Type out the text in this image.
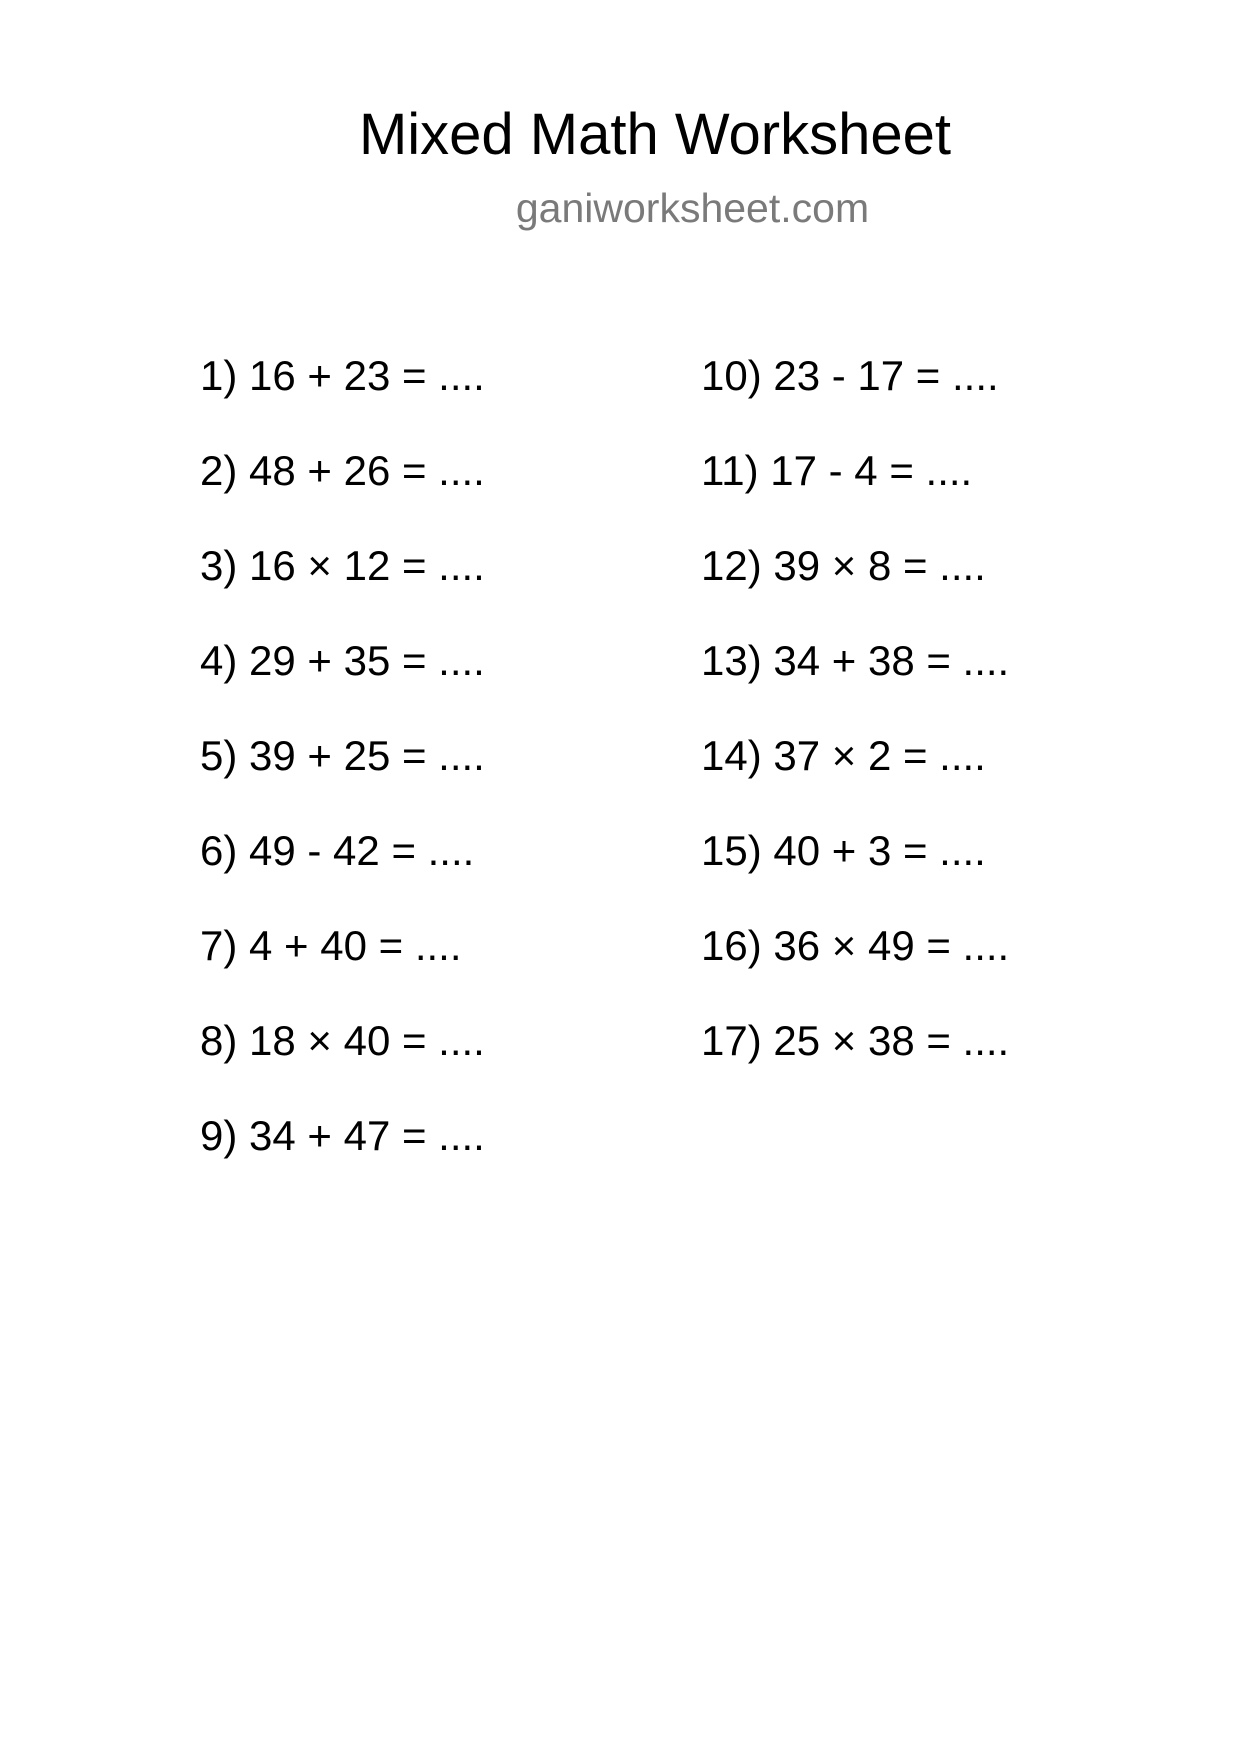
Mixed Math Worksheet
ganiworksheet.com
1) 16 + 23 = ....
2) 48 + 26 = ....
3) 16 × 12 = ....
4) 29 + 35 = ....
5) 39 + 25 = ....
6) 49 - 42 = ....
7) 4 + 40 = ....
8) 18 × 40 = ....
9) 34 + 47 = ....
10) 23 - 17 = ....
11) 17 - 4 = ....
12) 39 × 8 = ....
13) 34 + 38 = ....
14) 37 × 2 = ....
15) 40 + 3 = ....
16) 36 × 49 = ....
17) 25 × 38 = ....
